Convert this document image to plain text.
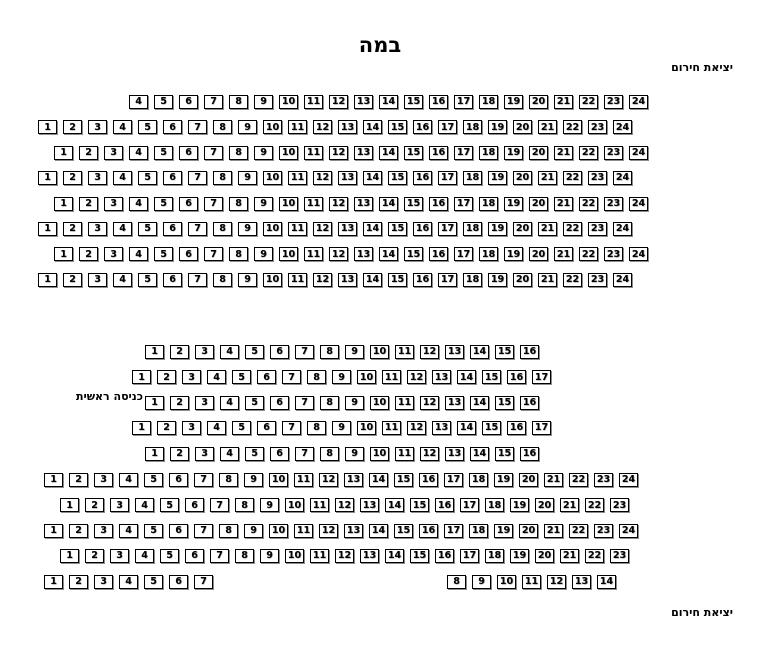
במה
יציאת חירום
כניסה ראשית
יציאת חירום
4	5	6	7	8	9	10	11	12	13	14	15	16	17	18	19	20	21	22	23	24
1	2	3	4	5	6	7	8	9	10	11	12	13	14	15	16	17	18	19	20	21	22	23	24
1	2	3	4	5	6	7	8	9	10	11	12	13	14	15	16	17	18	19	20	21	22	23	24
1	2	3	4	5	6	7	8	9	10	11	12	13	14	15	16	17	18	19	20	21	22	23	24
1	2	3	4	5	6	7	8	9	10	11	12	13	14	15	16	17	18	19	20	21	22	23	24
1	2	3	4	5	6	7	8	9	10	11	12	13	14	15	16	17	18	19	20	21	22	23	24
1	2	3	4	5	6	7	8	9	10	11	12	13	14	15	16	17	18	19	20	21	22	23	24
1	2	3	4	5	6	7	8	9	10	11	12	13	14	15	16	17	18	19	20	21	22	23	24
1	2	3	4	5	6	7	8	9	10	11	12	13	14	15	16
1	2	3	4	5	6	7	8	9	10	11	12	13	14	15	16	17
1	2	3	4	5	6	7	8	9	10	11	12	13	14	15	16
1	2	3	4	5	6	7	8	9	10	11	12	13	14	15	16	17
1	2	3	4	5	6	7	8	9	10	11	12	13	14	15	16
1	2	3	4	5	6	7	8	9	10	11	12	13	14	15	16	17	18	19	20	21	22	23	24
1	2	3	4	5	6	7	8	9	10	11	12	13	14	15	16	17	18	19	20	21	22	23
1	2	3	4	5	6	7	8	9	10	11	12	13	14	15	16	17	18	19	20	21	22	23	24
1	2	3	4	5	6	7	8	9	10	11	12	13	14	15	16	17	18	19	20	21	22	23
1	2	3	4	5	6	7	8	9	10	11	12	13	14
